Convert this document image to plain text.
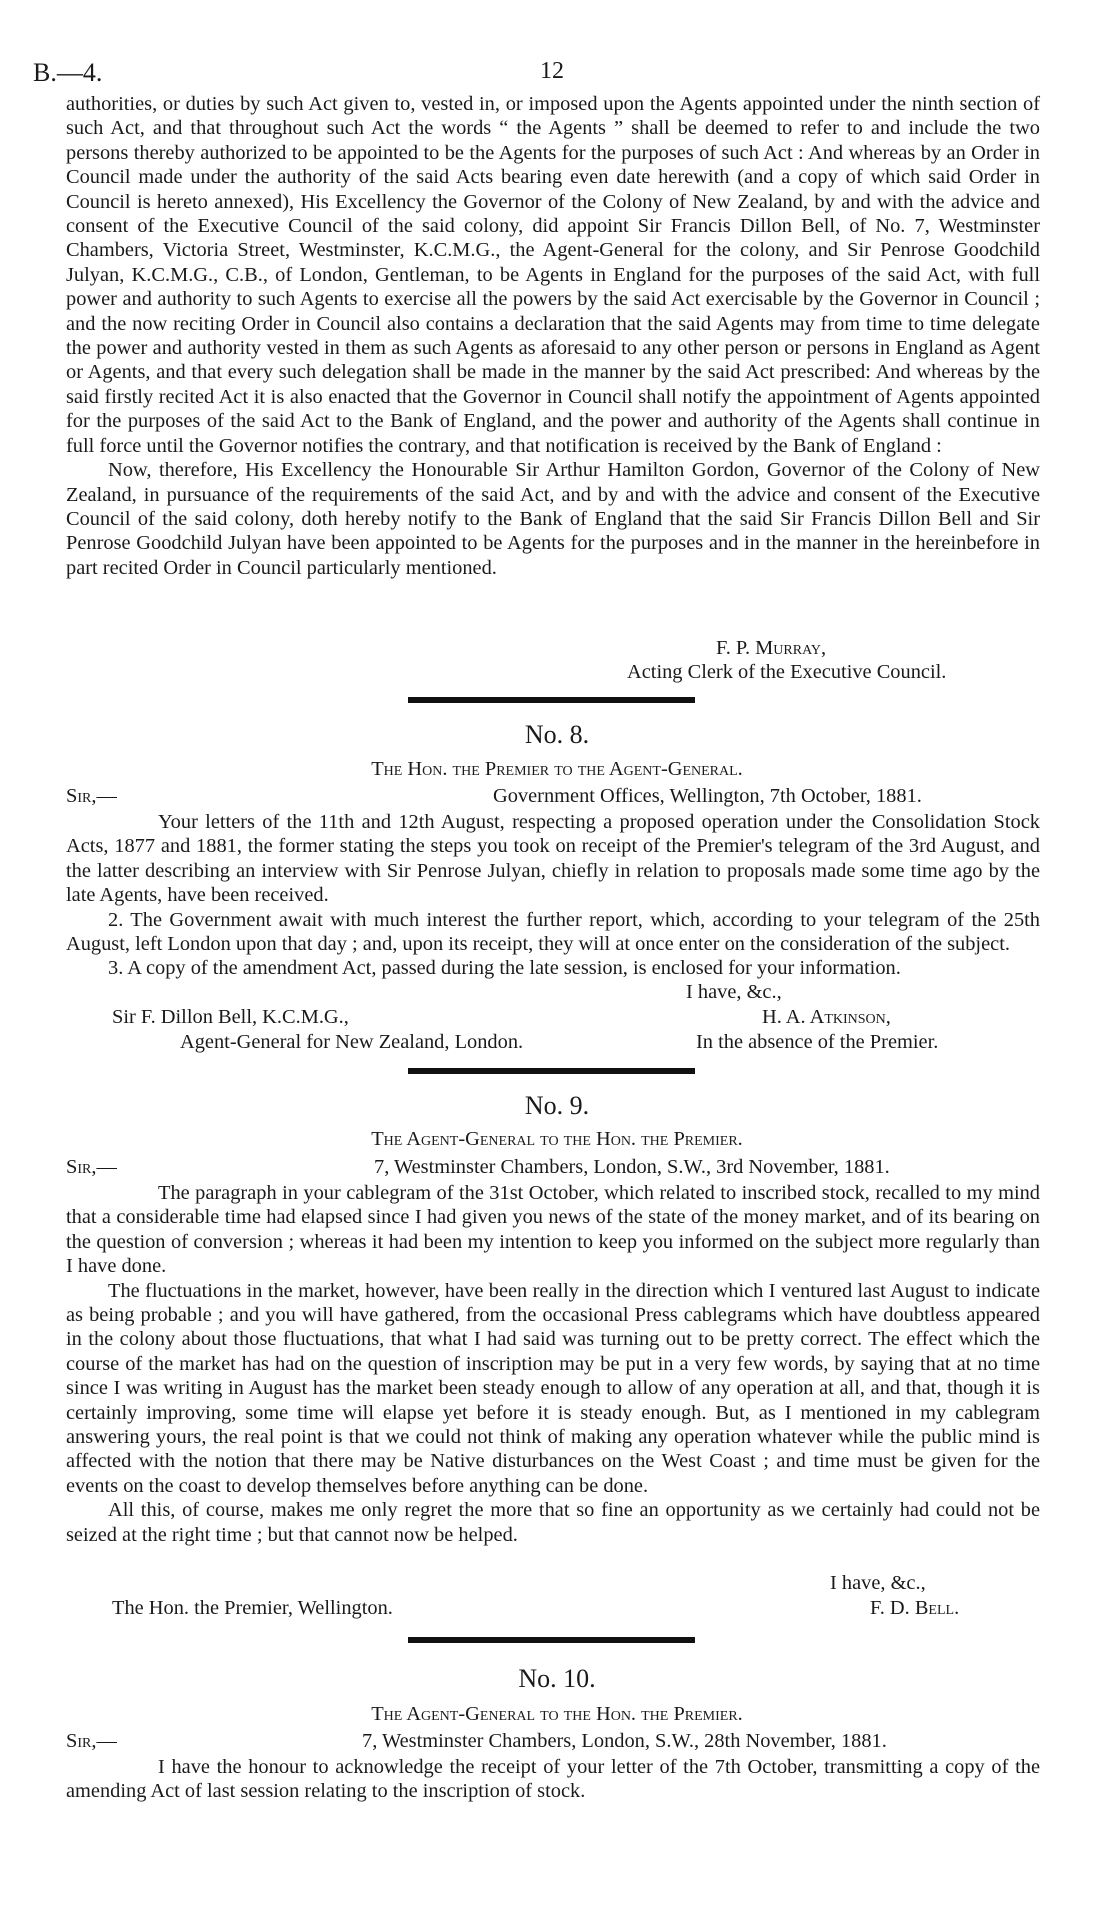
B.—4.	12

authorities, or duties by such Act given to, vested in, or imposed upon the Agents appointed under the ninth section of such Act, and that throughout such Act the words “ the Agents ” shall be deemed to refer to and include the two persons thereby authorized to be appointed to be the Agents for the purposes of such Act : And whereas by an Order in Council made under the authority of the said Acts bearing even date herewith (and a copy of which said Order in Council is hereto annexed), His Excellency the Governor of the Colony of New Zealand, by and with the advice and consent of the Executive Council of the said colony, did appoint Sir Francis Dillon Bell, of No. 7, Westminster Chambers, Victoria Street, Westminster, K.C.M.G., the Agent-General for the colony, and Sir Penrose Goodchild Julyan, K.C.M.G., C.B., of London, Gentleman, to be Agents in England for the purposes of the said Act, with full power and authority to such Agents to exercise all the powers by the said Act exercisable by the Governor in Council ; and the now reciting Order in Council also contains a declaration that the said Agents may from time to time delegate the power and authority vested in them as such Agents as aforesaid to any other person or persons in England as Agent or Agents, and that every such delegation shall be made in the manner by the said Act prescribed: And whereas by the said firstly recited Act it is also enacted that the Governor in Council shall notify the appointment of Agents appointed for the purposes of the said Act to the Bank of England, and the power and authority of the Agents shall continue in full force until the Governor notifies the contrary, and that notification is received by the Bank of England :

Now, therefore, His Excellency the Honourable Sir Arthur Hamilton Gordon, Governor of the Colony of New Zealand, in pursuance of the requirements of the said Act, and by and with the advice and consent of the Executive Council of the said colony, doth hereby notify to the Bank of England that the said Sir Francis Dillon Bell and Sir Penrose Goodchild Julyan have been appointed to be Agents for the purposes and in the manner in the hereinbefore in part recited Order in Council particularly mentioned.

F. P. Murray,
Acting Clerk of the Executive Council.
No. 8.
The Hon. the Premier to the Agent-General.
Sir,—	Government Offices, Wellington, 7th October, 1881.

Your letters of the 11th and 12th August, respecting a proposed operation under the Consolidation Stock Acts, 1877 and 1881, the former stating the steps you took on receipt of the Premier's telegram of the 3rd August, and the latter describing an interview with Sir Penrose Julyan, chiefly in relation to proposals made some time ago by the late Agents, have been received.

2. The Government await with much interest the further report, which, according to your telegram of the 25th August, left London upon that day ; and, upon its receipt, they will at once enter on the consideration of the subject.

3. A copy of the amendment Act, passed during the late session, is enclosed for your information.

I have, &c.,
Sir F. Dillon Bell, K.C.M.G.,
Agent-General for New Zealand, London.
H. A. Atkinson,
In the absence of the Premier.
No. 9.
The Agent-General to the Hon. the Premier.
Sir,—	7, Westminster Chambers, London, S.W., 3rd November, 1881.

The paragraph in your cablegram of the 31st October, which related to inscribed stock, recalled to my mind that a considerable time had elapsed since I had given you news of the state of the money market, and of its bearing on the question of conversion ; whereas it had been my intention to keep you informed on the subject more regularly than I have done.

The fluctuations in the market, however, have been really in the direction which I ventured last August to indicate as being probable ; and you will have gathered, from the occasional Press cablegrams which have doubtless appeared in the colony about those fluctuations, that what I had said was turning out to be pretty correct. The effect which the course of the market has had on the question of inscription may be put in a very few words, by saying that at no time since I was writing in August has the market been steady enough to allow of any operation at all, and that, though it is certainly improving, some time will elapse yet before it is steady enough. But, as I mentioned in my cablegram answering yours, the real point is that we could not think of making any operation whatever while the public mind is affected with the notion that there may be Native disturbances on the West Coast ; and time must be given for the events on the coast to develop themselves before anything can be done.

All this, of course, makes me only regret the more that so fine an opportunity as we certainly had could not be seized at the right time ; but that cannot now be helped.

I have, &c.,
The Hon. the Premier, Wellington.	F. D. Bell.
No. 10.
The Agent-General to the Hon. the Premier.
Sir,—	7, Westminster Chambers, London, S.W., 28th November, 1881.

I have the honour to acknowledge the receipt of your letter of the 7th October, transmitting a copy of the amending Act of last session relating to the inscription of stock.
